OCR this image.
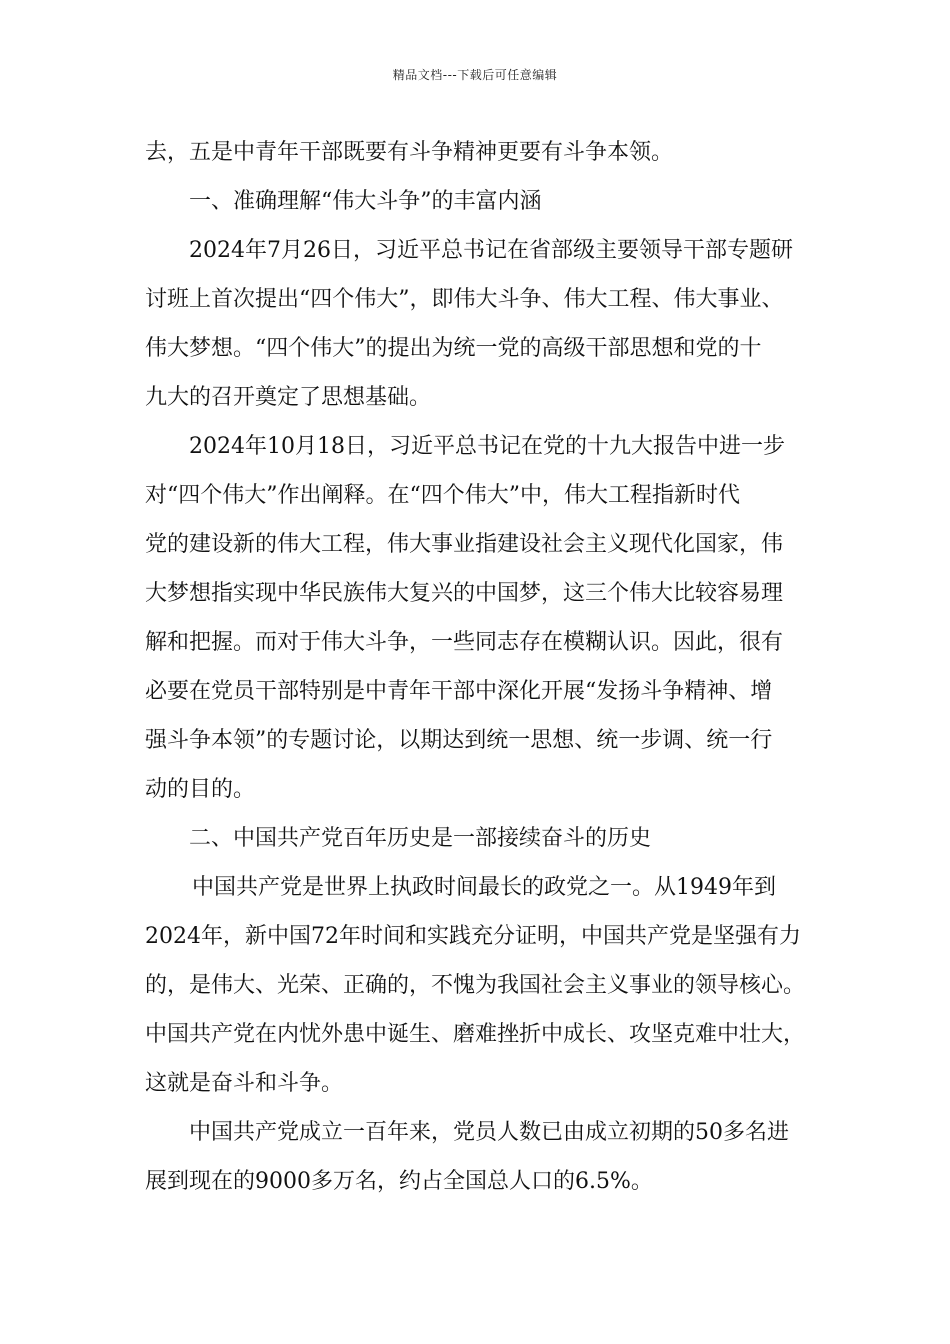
精品文档---下载后可任意编辑
去，五是中青年干部既要有斗争精神更要有斗争本领。
一、准确理解“伟大斗争”的丰富内涵
2024年7月26日，习近平总书记在省部级主要领导干部专题研
讨班上首次提出“四个伟大”，即伟大斗争、伟大工程、伟大事业、
伟大梦想。“四个伟大”的提出为统一党的高级干部思想和党的十
九大的召开奠定了思想基础。
2024年10月18日，习近平总书记在党的十九大报告中进一步
对“四个伟大”作出阐释。在“四个伟大”中，伟大工程指新时代
党的建设新的伟大工程，伟大事业指建设社会主义现代化国家，伟
大梦想指实现中华民族伟大复兴的中国梦，这三个伟大比较容易理
解和把握。而对于伟大斗争，一些同志存在模糊认识。因此，很有
必要在党员干部特别是中青年干部中深化开展“发扬斗争精神、增
强斗争本领”的专题讨论，以期达到统一思想、统一步调、统一行
动的目的。
二、中国共产党百年历史是一部接续奋斗的历史
中国共产党是世界上执政时间最长的政党之一。从1949年到
2024年，新中国72年时间和实践充分证明，中国共产党是坚强有力
的，是伟大、光荣、正确的，不愧为我国社会主义事业的领导核心。
中国共产党在内忧外患中诞生、磨难挫折中成长、攻坚克难中壮大，
这就是奋斗和斗争。
中国共产党成立一百年来，党员人数已由成立初期的50多名进
展到现在的9000多万名，约占全国总人口的6.5%。
